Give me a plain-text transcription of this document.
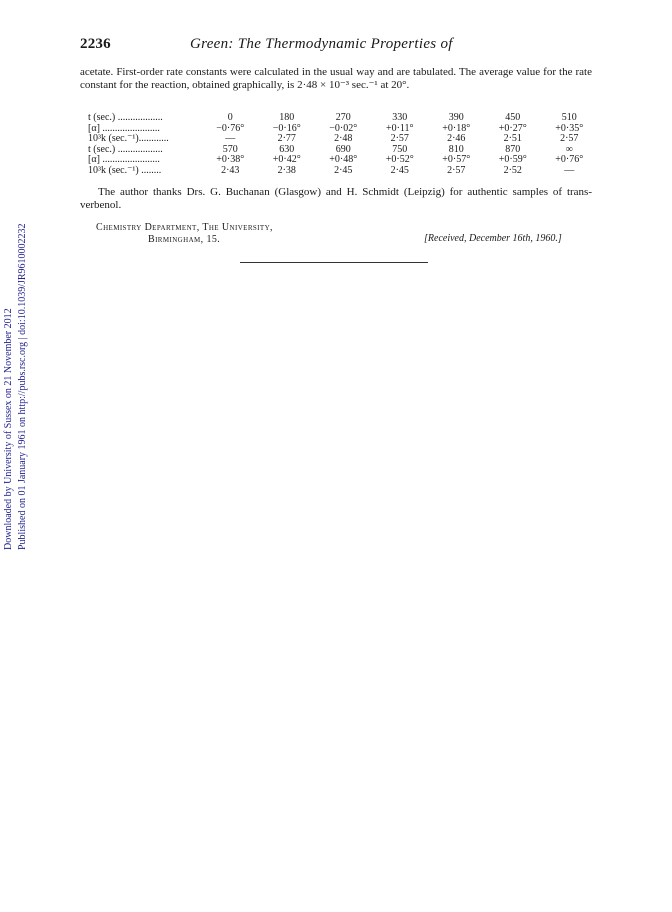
Downloaded by University of Sussex on 21 November 2012 Published on 01 January 1961 on http://pubs.rsc.org | doi:10.1039/JR9610002232
2236	Green: The Thermodynamic Properties of
acetate. First-order rate constants were calculated in the usual way and are tabulated. The average value for the rate constant for the reaction, obtained graphically, is 2·48 × 10⁻³ sec.⁻¹ at 20°.
t (sec.) ..................	0	180	270	330	390	450	510
[α] .......................	−0·76°	−0·16°	−0·02°	+0·11°	+0·18°	+0·27°	+0·35°
10³k (sec.⁻¹)............	—	2·77	2·48	2·57	2·46	2·51	2·57
t (sec.) ..................	570	630	690	750	810	870	∞
[α] .......................	+0·38°	+0·42°	+0·48°	+0·52°	+0·57°	+0·59°	+0·76°
10³k (sec.⁻¹) ........	2·43	2·38	2·45	2·45	2·57	2·52	—
The author thanks Drs. G. Buchanan (Glasgow) and H. Schmidt (Leipzig) for authentic samples of trans-verbenol.
Chemistry Department, The University,
Birmingham, 15.	[Received, December 16th, 1960.]
